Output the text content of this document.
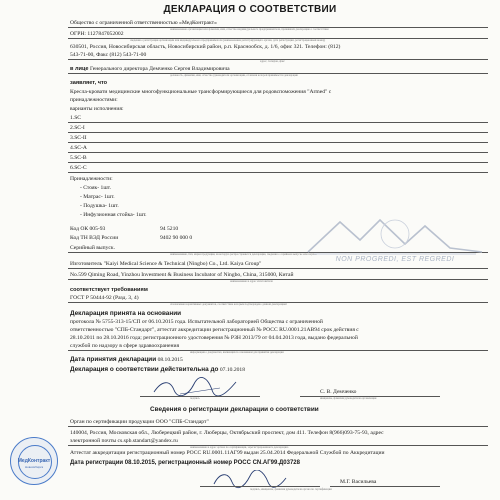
ДЕКЛАРАЦИЯ О СООТВЕТСТВИИ
Общество с ограниченной ответственностью «МедКонтракт»
наименование организации или фамилия, имя, отчество индивидуального предпринимателя, принявших декларацию о соответствии
ОГРН: 1127847052002
сведения о регистрации организации или индивидуального предпринимателя (наименование регистрирующего органа, дата регистрации, регистрационный номер)
630501, Россия, Новосибирская область, Новосибирский район, р.п. Краснообск, д. 1/6, офис 321. Телефон: (812)
543-71-00, Факс (812) 543-71-00
адрес, телефон, факс
в лице Генерального директора Демченко Сергея Владимировича
должность, фамилия, имя, отчество руководителя организации, от имени которой принимается декларация
заявляет, что
Кресла-кровати медицинские многофункциональные трансформирующиеся для родовспоможения "Armed" с
принадлежностями:
варианты исполнения:
1.SC
2.SC-I
3.SC-II
4.SC-A
5.SC-B
6.SC-C
Принадлежности:
- Стояк- 1шт.
- Матрас- 1шт.
- Подушка- 1шт.
- Инфузионная стойка- 1шт.
Код ОК 005-93	94 5210
Код ТН ВЭД России	9402 90 000 0
Серийный выпуск.
наименование, тип, марка продукции, на которую распространяется декларация, сведения о серийном выпуске или партии
NON PROGREDI, EST REGREDI
Изготовитель "Kaiyi Medical Science & Technical (Ningbo) Co., Ltd. Kaiya Group"
No.599 Qiming Road, Yinzhou Investment & Business Incubator of Ningbo, China, 315000, Китай
наименование и адрес изготовителя
соответствует требованиям
ГОСТ Р 50444-92 (Разд. 3, 4)
обозначение нормативных документов, соответствие которым подтверждено данной декларацией
Декларация принята на основании
протокола № 5755-313-15/СП от 06.10.2015 года. Испытательной лабораторией Общества с ограниченной
ответственностью "СПБ-Стандарт", аттестат аккредитации регистрационный № РОСС RU.0001.21АВ94 срок действия с
28.10.2011 по 28.10.2016 года; регистрационного удостоверения № РЗН 2013/79 от 04.04.2013 года, выдано федеральной
службой по надзору в сфере здравоохранения
информация о документах, являющихся основанием для принятия декларации
Дата принятия декларации 08.10.2015
Декларация о соответствии действительна до 07.10.2018
подпись
С. В. Демченко
инициалы, фамилия руководителя организации
Сведения о регистрации декларации о соответствии
Орган по сертификации продукции ООО "СПБ-Стандарт"
140004, Россия, Московская обл., Люберецкий район, г. Люберцы, Октябрьский проспект, дом 411. Телефон 8(966)093-75-93, адрес
электронной почты cs.spb.standart@yandex.ru
наименование и адрес органа по сертификации, зарегистрировавшего декларацию
Аттестат аккредитации регистрационный номер РОСС RU.0001.11АГ99 выдан 25.04.2014 Федеральной Службой по Аккредитации
Дата регистрации 08.10.2015, регистрационный номер РОСС CN.АГ99.Д03728
М.Г. Васильева
подпись, инициалы, фамилия руководителя органа по сертификации
МедКонтракт
Новосибирск
